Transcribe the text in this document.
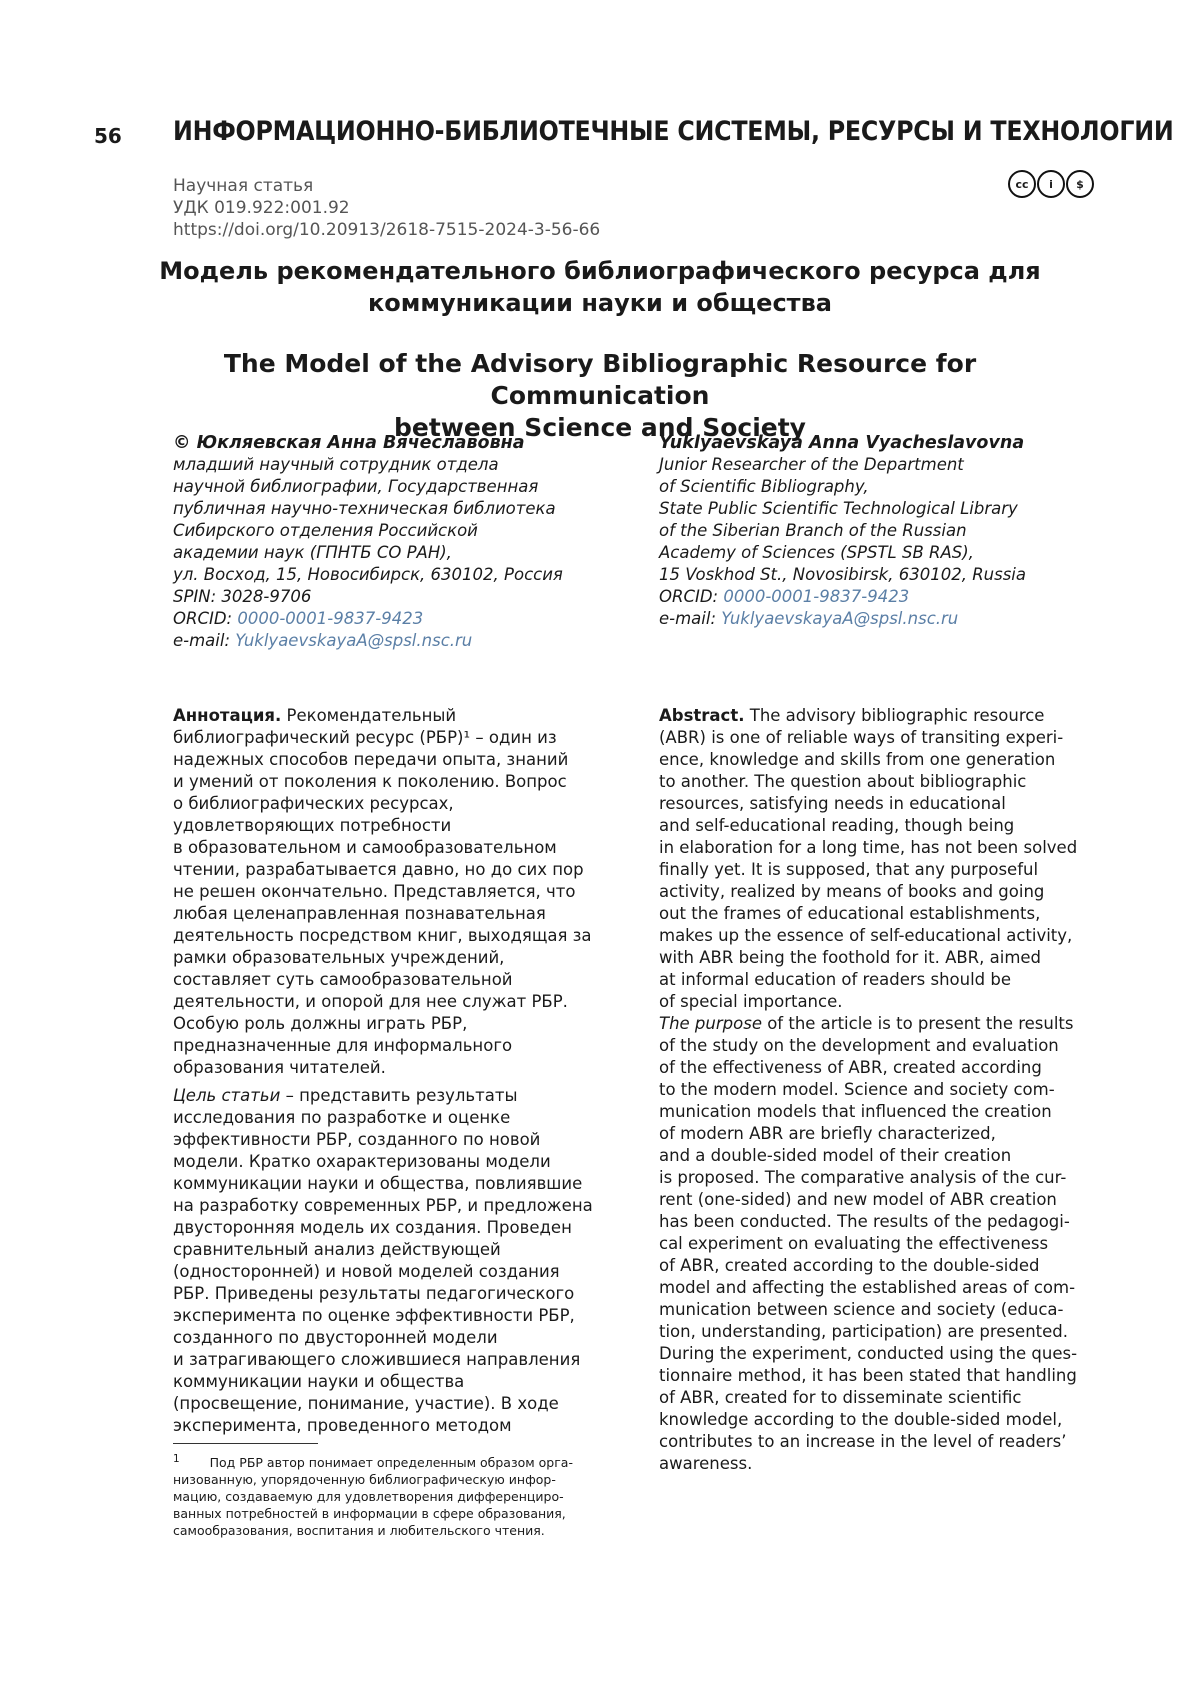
56 ИНФОРМАЦИОННО-БИБЛИОТЕЧНЫЕ СИСТЕМЫ, РЕСУРСЫ И ТЕХНОЛОГИИ
Научная статья
УДК 019.922:001.92
https://doi.org/10.20913/2618-7515-2024-3-56-66
cc	i	$
Модель рекомендательного библиографического ресурса для
коммуникации науки и общества
The Model of the Advisory Bibliographic Resource for Communication
between Science and Society
© Юкляевская Анна Вячеславовна
младший научный сотрудник отдела
научной библиографии, Государственная
публичная научно-техническая библиотека
Сибирского отделения Российской
академии наук (ГПНТБ СО РАН),
ул. Восход, 15, Новосибирск, 630102, Россия
SPIN: 3028-9706
ORCID: 0000-0001-9837-9423
e-mail: YuklyaevskayaA@spsl.nsc.ru
Yuklyaevskaya Anna Vyacheslavovna
Junior Researcher of the Department
of Scientific Bibliography,
State Public Scientific Technological Library
of the Siberian Branch of the Russian
Academy of Sciences (SPSTL SB RAS),
15 Voskhod St., Novosibirsk, 630102, Russia
ORCID: 0000-0001-9837-9423
e-mail: YuklyaevskayaA@spsl.nsc.ru
Аннотация. Рекомендательный
библиографический ресурс (РБР)¹ – один из
надежных способов передачи опыта, знаний
и умений от поколения к поколению. Вопрос
о библиографических ресурсах,
удовлетворяющих потребности
в образовательном и самообразовательном
чтении, разрабатывается давно, но до сих пор
не решен окончательно. Представляется, что
любая целенаправленная познавательная
деятельность посредством книг, выходящая за
рамки образовательных учреждений,
составляет суть самообразовательной
деятельности, и опорой для нее служат РБР.
Особую роль должны играть РБР,
предназначенные для информального
образования читателей.
Цель статьи – представить результаты
исследования по разработке и оценке
эффективности РБР, созданного по новой
модели. Кратко охарактеризованы модели
коммуникации науки и общества, повлиявшие
на разработку современных РБР, и предложена
двусторонняя модель их создания. Проведен
сравнительный анализ действующей
(односторонней) и новой моделей создания
РБР. Приведены результаты педагогического
эксперимента по оценке эффективности РБР,
созданного по двусторонней модели
и затрагивающего сложившиеся направления
коммуникации науки и общества
(просвещение, понимание, участие). В ходе
эксперимента, проведенного методом
Abstract. The advisory bibliographic resource
(ABR) is one of reliable ways of transiting experi-
ence, knowledge and skills from one generation
to another. The question about bibliographic
resources, satisfying needs in educational
and self-educational reading, though being
in elaboration for a long time, has not been solved
finally yet. It is supposed, that any purposeful
activity, realized by means of books and going
out the frames of educational establishments,
makes up the essence of self-educational activity,
with ABR being the foothold for it. ABR, aimed
at informal education of readers should be
of special importance.
The purpose of the article is to present the results
of the study on the development and evaluation
of the effectiveness of ABR, created according
to the modern model. Science and society com-
munication models that influenced the creation
of modern ABR are briefly characterized,
and a double-sided model of their creation
is proposed. The comparative analysis of the cur-
rent (one-sided) and new model of ABR creation
has been conducted. The results of the pedagogi-
cal experiment on evaluating the effectiveness
of ABR, created according to the double-sided
model and affecting the established areas of com-
munication between science and society (educa-
tion, understanding, participation) are presented.
During the experiment, conducted using the ques-
tionnaire method, it has been stated that handling
of ABR, created for to disseminate scientific
knowledge according to the double-sided model,
contributes to an increase in the level of readers’
awareness.
$^1$ Под РБР автор понимает определенным образом орга-
низованную, упорядоченную библиографическую инфор-
мацию, создаваемую для удовлетворения дифференциро-
ванных потребностей в информации в сфере образования,
самообразования, воспитания и любительского чтения.
